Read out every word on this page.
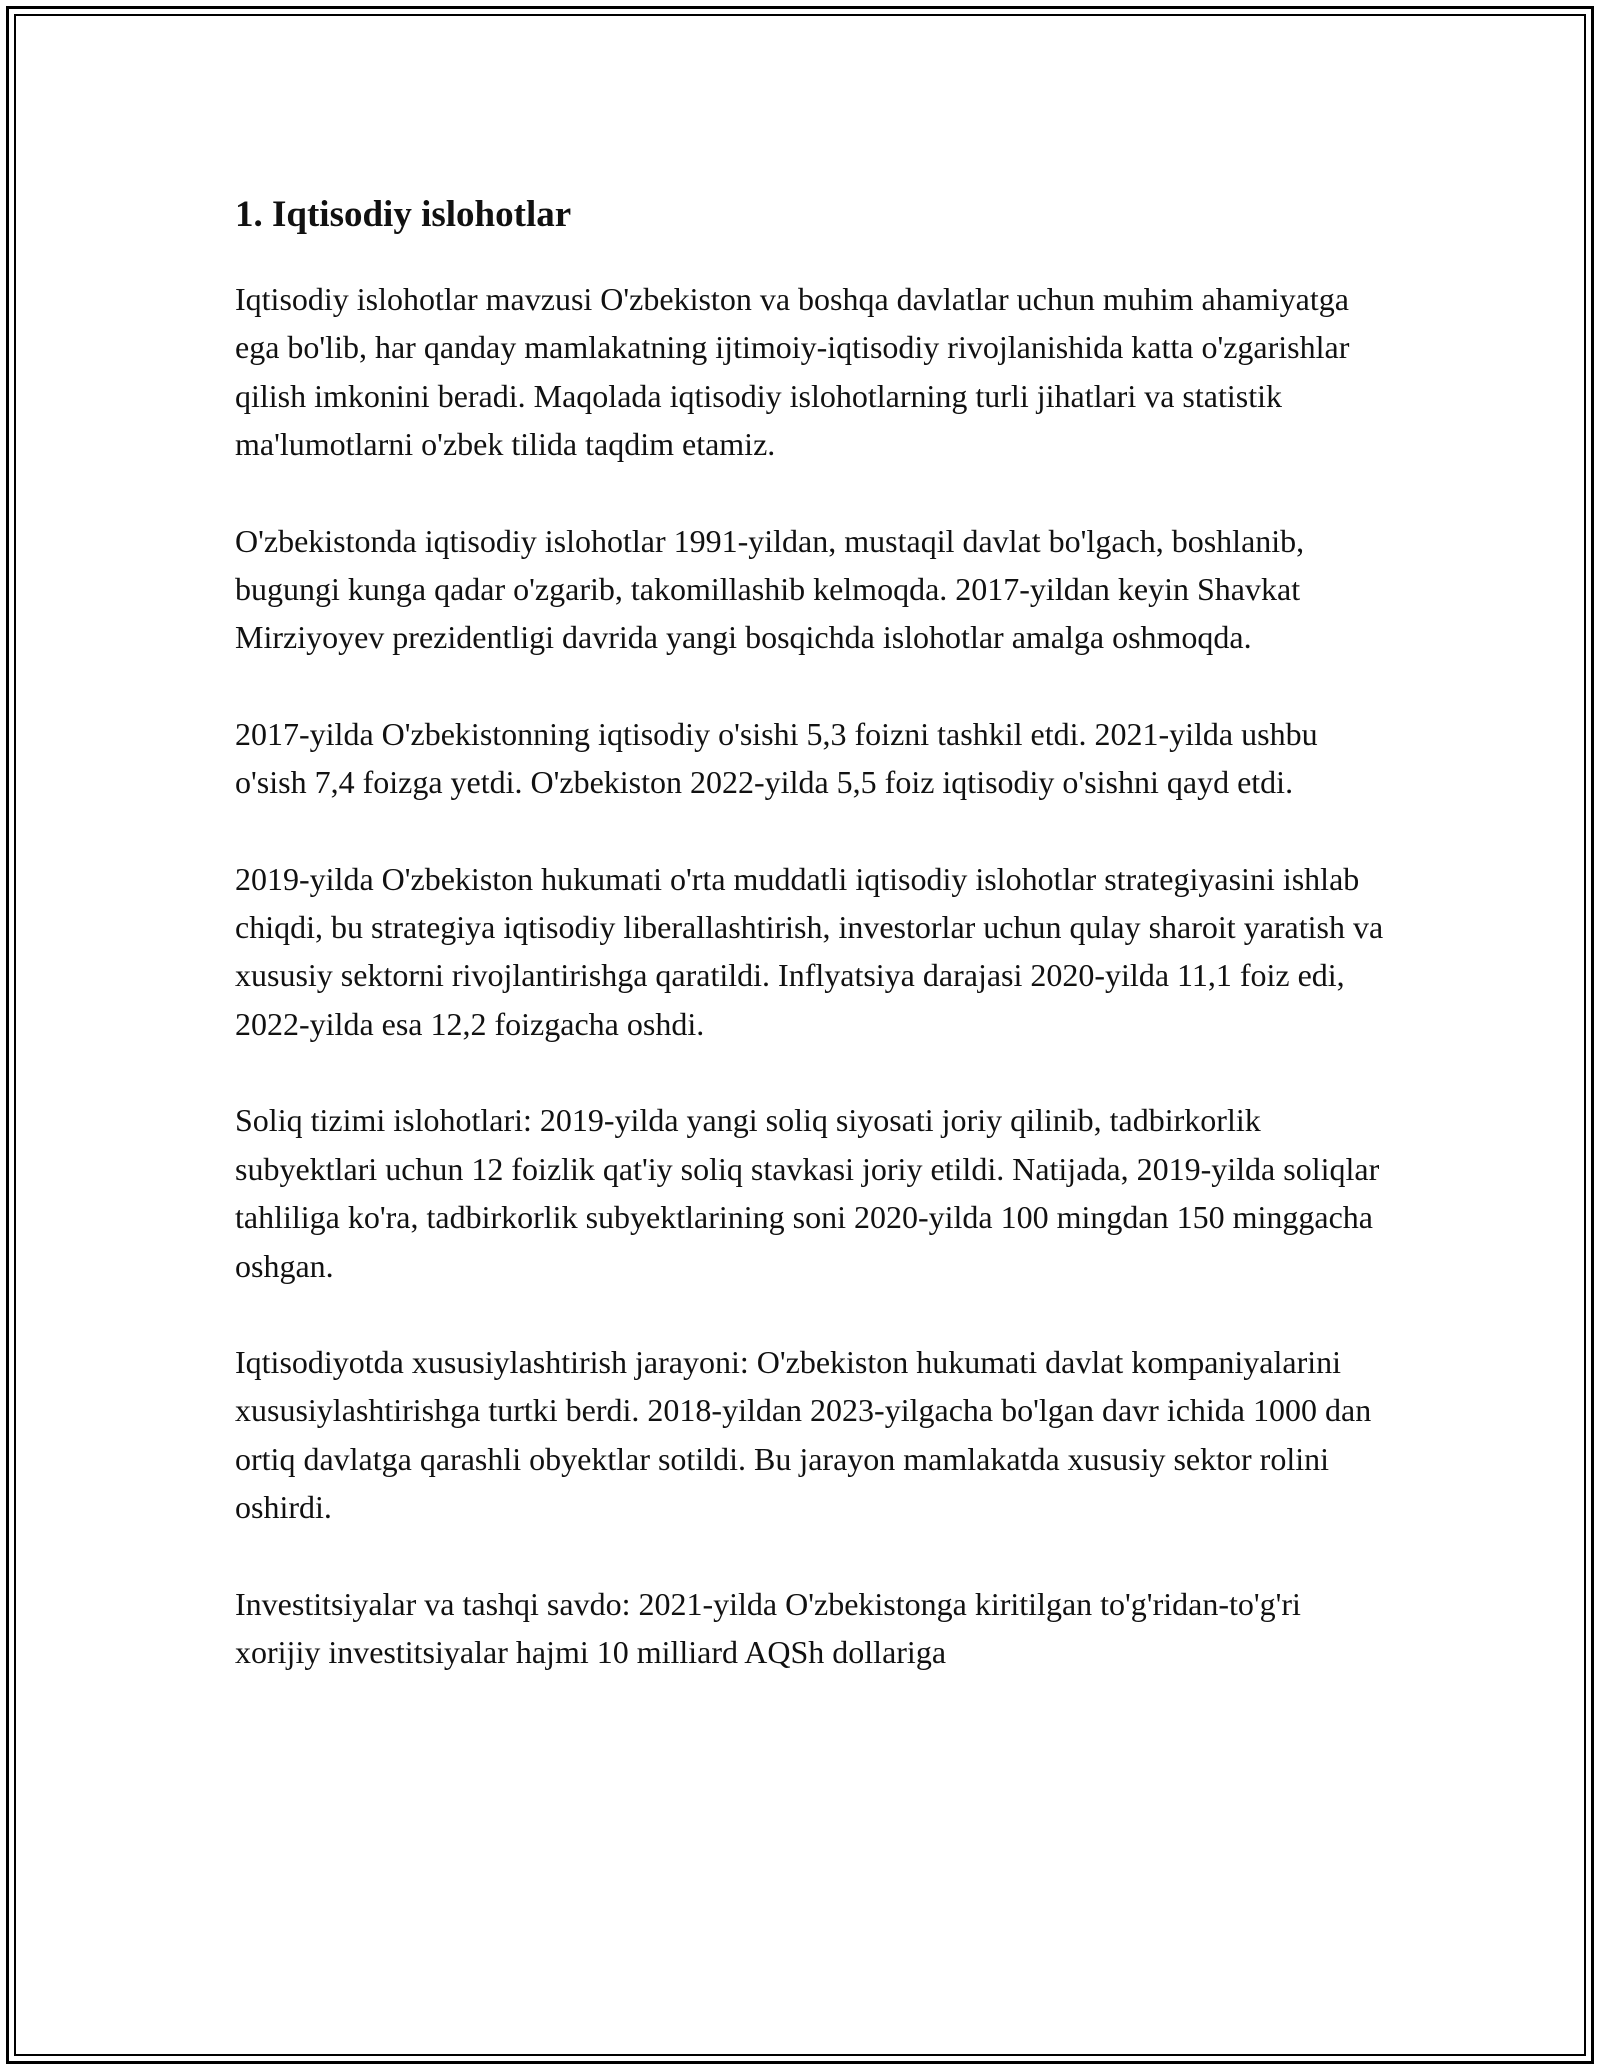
1. Iqtisodiy islohotlar

Iqtisodiy islohotlar mavzusi O'zbekiston va boshqa davlatlar uchun muhim ahamiyatga ega bo'lib, har qanday mamlakatning ijtimoiy-iqtisodiy rivojlanishida katta o'zgarishlar qilish imkonini beradi. Maqolada iqtisodiy islohotlarning turli jihatlari va statistik ma'lumotlarni o'zbek tilida taqdim etamiz.

O'zbekistonda iqtisodiy islohotlar 1991-yildan, mustaqil davlat bo'lgach, boshlanib, bugungi kunga qadar o'zgarib, takomillashib kelmoqda. 2017-yildan keyin Shavkat Mirziyoyev prezidentligi davrida yangi bosqichda islohotlar amalga oshmoqda.

2017-yilda O'zbekistonning iqtisodiy o'sishi 5,3 foizni tashkil etdi. 2021-yilda ushbu o'sish 7,4 foizga yetdi. O'zbekiston 2022-yilda 5,5 foiz iqtisodiy o'sishni qayd etdi.

2019-yilda O'zbekiston hukumati o'rta muddatli iqtisodiy islohotlar strategiyasini ishlab chiqdi, bu strategiya iqtisodiy liberallashtirish, investorlar uchun qulay sharoit yaratish va xususiy sektorni rivojlantirishga qaratildi. Inflyatsiya darajasi 2020-yilda 11,1 foiz edi, 2022-yilda esa 12,2 foizgacha oshdi.

Soliq tizimi islohotlari: 2019-yilda yangi soliq siyosati joriy qilinib, tadbirkorlik subyektlari uchun 12 foizlik qat'iy soliq stavkasi joriy etildi. Natijada, 2019-yilda soliqlar tahliliga ko'ra, tadbirkorlik subyektlarining soni 2020-yilda 100 mingdan 150 minggacha oshgan.

Iqtisodiyotda xususiylashtirish jarayoni: O'zbekiston hukumati davlat kompaniyalarini xususiylashtirishga turtki berdi. 2018-yildan 2023-yilgacha bo'lgan davr ichida 1000 dan ortiq davlatga qarashli obyektlar sotildi. Bu jarayon mamlakatda xususiy sektor rolini oshirdi.

Investitsiyalar va tashqi savdo: 2021-yilda O'zbekistonga kiritilgan to'g'ridan-to'g'ri xorijiy investitsiyalar hajmi 10 milliard AQSh dollariga
